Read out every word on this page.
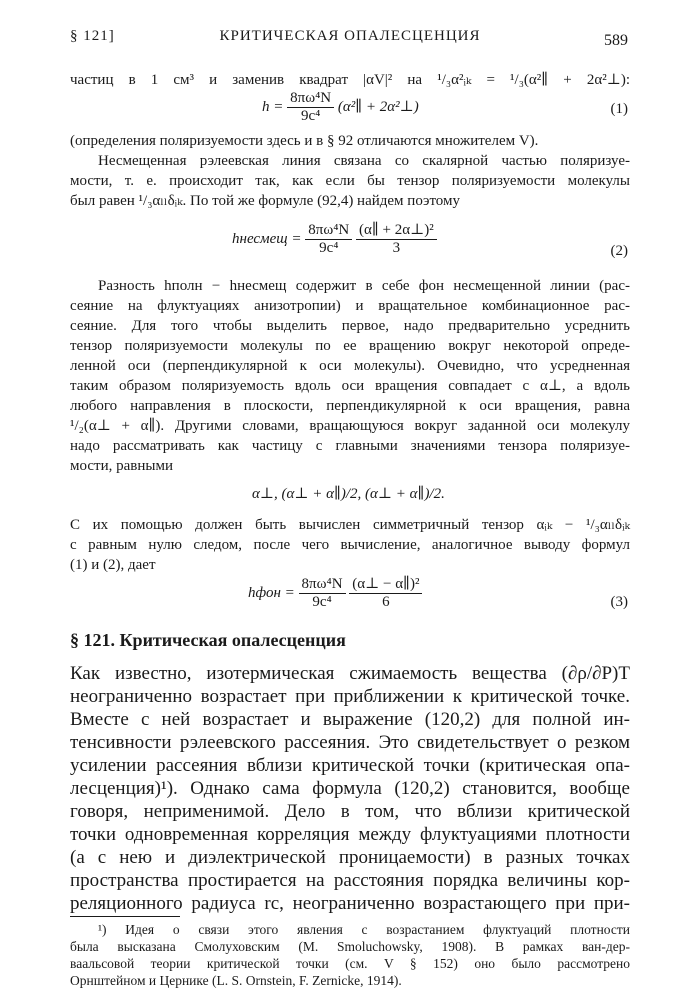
§ 121]	КРИТИЧЕСКАЯ ОПАЛЕСЦЕНЦИЯ	589
частиц в 1 см³ и заменив квадрат |αV|² на ¹/₃α²ᵢₖ = ¹/₃(α²∥ + 2α²⊥):
$h = \frac{\text{8πω⁴N}}{\text{9c⁴}}$ (α²∥ + 2α²⊥)	(1)
(определения поляризуемости здесь и в § 92 отличаются множителем V).
Несмещенная рэлеевская линия связана со скалярной частью поляризуе-
мости, т. е. происходит так, как если бы тензор поляризуемости молекулы
был равен ¹/₃αₗₗδᵢₖ. По той же формуле (92,4) найдем поэтому
hнесмещ = $\frac{\text{8πω⁴N}}{\text{9c⁴}}$
$\frac{\text{(α∥ + 2α⊥)²}}{3}$	(2)
Разность hполн − hнесмещ содержит в себе фон несмещенной линии (рас-
сеяние на флуктуациях анизотропии) и вращательное комбинационное рас-
сеяние. Для того чтобы выделить первое, надо предварительно усреднить
тензор поляризуемости молекулы по ее вращению вокруг некоторой опреде-
ленной оси (перпендикулярной к оси молекулы). Очевидно, что усредненная
таким образом поляризуемость вдоль оси вращения совпадает с α⊥, а вдоль
любого направления в плоскости, перпендикулярной к оси вращения, равна
¹/₂(α⊥ + α∥). Другими словами, вращающуюся вокруг заданной оси молекулу
надо рассматривать как частицу с главными значениями тензора поляризуе-
мости, равными
α⊥, (α⊥ + α∥)/2, (α⊥ + α∥)/2.
С их помощью должен быть вычислен симметричный тензор αᵢₖ − ¹/₃αₗₗδᵢₖ
с равным нулю следом, после чего вычисление, аналогичное выводу формул
(1) и (2), дает
hфон = $\frac{\text{8πω⁴N}}{\text{9c⁴}}$
$\frac{\text{(α⊥ − α∥)²}}{6}$	(3)
§ 121. Критическая опалесценция
Как известно, изотермическая сжимаемость вещества (∂ρ/∂P)T
неограниченно возрастает при приближении к критической точке.
Вместе с ней возрастает и выражение (120,2) для полной ин-
тенсивности рэлеевского рассеяния. Это свидетельствует о резком
усилении рассеяния вблизи критической точки (критическая опа-
лесценция)¹). Однако сама формула (120,2) становится, вообще
говоря, неприменимой. Дело в том, что вблизи критической
точки одновременная корреляция между флуктуациями плотности
(а с нею и диэлектрической проницаемости) в разных точках
пространства простирается на расстояния порядка величины кор-
реляционного радиуса rc, неограниченно возрастающего при при-
¹) Идея о связи этого явления с возрастанием флуктуаций плотности
была высказана Смолуховским (M. Smoluchowsky, 1908). В рамках ван-дер-
ваальсовой теории критической точки (см. V § 152) оно было рассмотрено
Орнштейном и Цернике (L. S. Ornstein, F. Zernicke, 1914).
